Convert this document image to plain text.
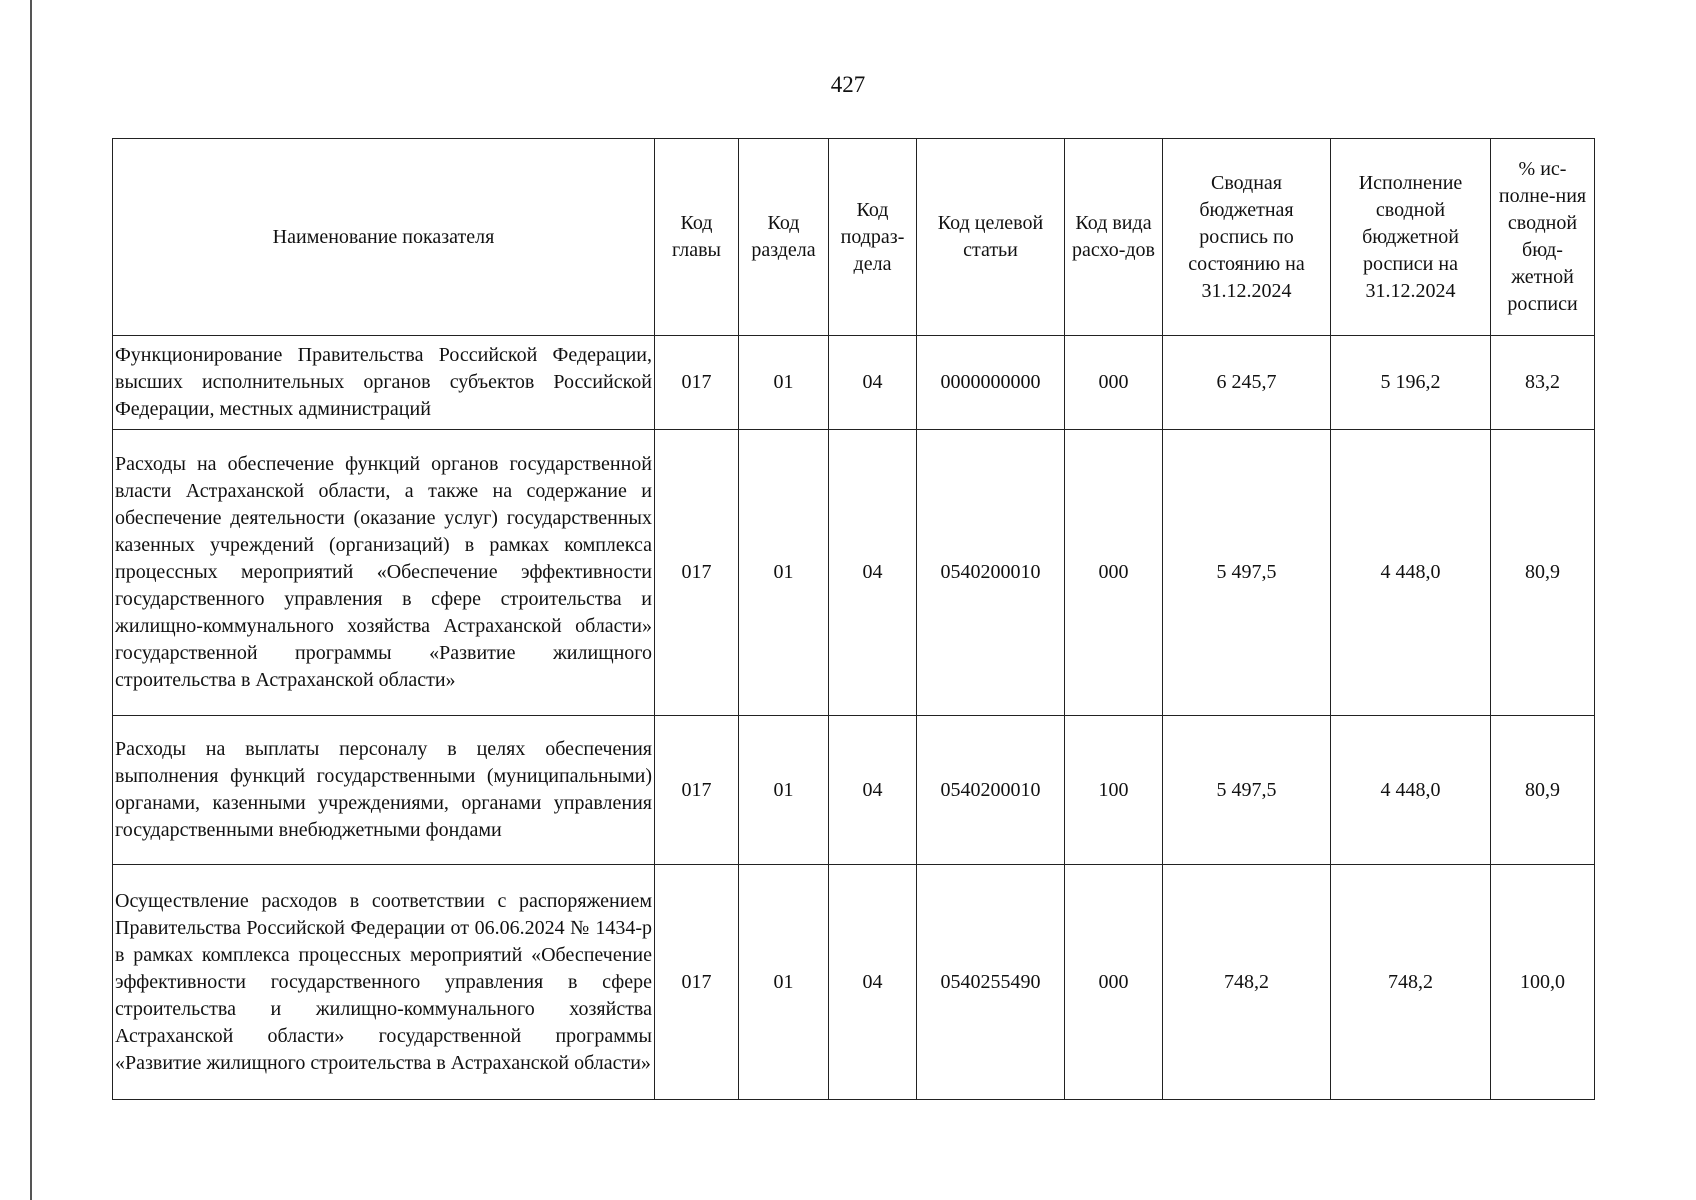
427
Наименование показателя	Код главы	Код раздела	Код подраз-дела	Код целевой статьи	Код вида расхо-дов	Сводная бюджетная роспись по состоянию на 31.12.2024	Исполнение сводной бюджетной росписи на 31.12.2024	% ис-полне-ния сводной бюд-жетной росписи
Функционирование Правительства Российской Федерации, высших исполнительных органов субъектов Российской Федерации, местных администраций	017	01	04	0000000000	000	6 245,7	5 196,2	83,2
Расходы на обеспечение функций органов государственной власти Астраханской области, а также на содержание и обеспечение деятельности (оказание услуг) государственных казенных учреждений (организаций) в рамках комплекса процессных мероприятий «Обеспечение эффективности государственного управления в сфере строительства и жилищно-коммунального хозяйства Астраханской области» государственной программы «Развитие жилищного строительства в Астраханской области»	017	01	04	0540200010	000	5 497,5	4 448,0	80,9
Расходы на выплаты персоналу в целях обеспечения выполнения функций государственными (муниципальными) органами, казенными учреждениями, органами управления государственными внебюджетными фондами	017	01	04	0540200010	100	5 497,5	4 448,0	80,9
Осуществление расходов в соответствии с распоряжением Правительства Российской Федерации от 06.06.2024 № 1434-р в рамках комплекса процессных мероприятий «Обеспечение эффективности государственного управления в сфере строительства и жилищно-коммунального хозяйства Астраханской области» государственной программы «Развитие жилищного строительства в Астраханской области»	017	01	04	0540255490	000	748,2	748,2	100,0
